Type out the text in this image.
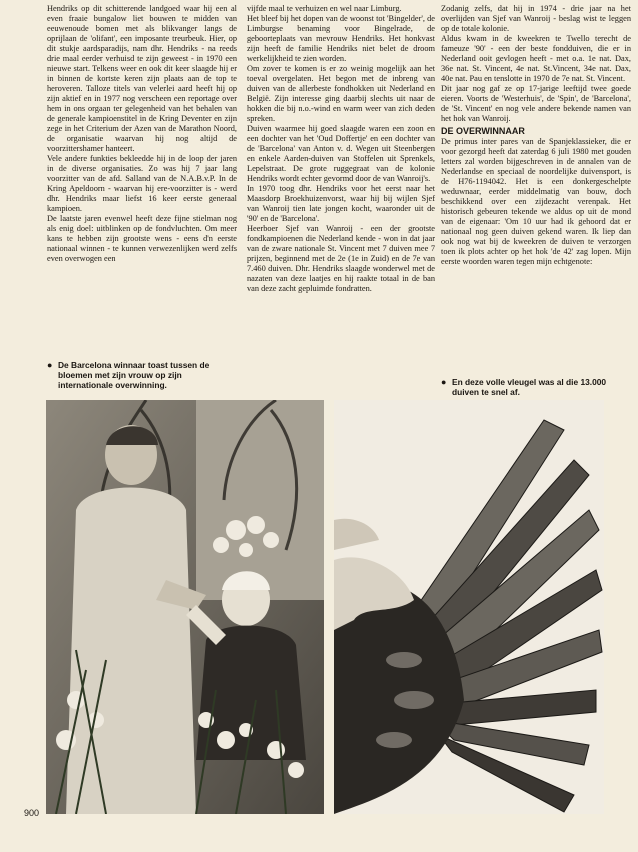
Hendriks op dit schitterende landgoed waar hij een al even fraaie bungalow liet bouwen te midden van eeuwenoude bomen met als blikvanger langs de oprijlaan de 'olifant', een imposante treurbeuk. Hier, op dit stukje aardsparadijs, nam dhr. Hendriks - na reeds drie maal eerder verhuisd te zijn geweest - in 1970 een nieuwe start. Telkens weer en ook dit keer slaagde hij er in binnen de kortste keren zijn plaats aan de top te heroveren. Talloze titels van velerlei aard heeft hij op zijn aktief en in 1977 nog verscheen een reportage over hem in ons orgaan ter gelegenheid van het behalen van de generale kampioenstitel in de Kring Deventer en zijn zege in het Criterium der Azen van de Marathon Noord, de organisatie waarvan hij nog altijd de voorzittershamer hanteert.

Vele andere funkties bekleedde hij in de loop der jaren in de diverse organisaties. Zo was hij 7 jaar lang voorzitter van de afd. Salland van de N.A.B.v.P. In de Kring Apeldoorn - waarvan hij ere-voorzitter is - werd dhr. Hendriks maar liefst 16 keer eerste generaal kampioen.

De laatste jaren evenwel heeft deze fijne stielman nog als enig doel: uitblinken op de fondvluchten. Om meer kans te hebben zijn grootste wens - eens d'n eerste nationaal winnen - te kunnen verwezenlijken werd zelfs even overwogen een

vijfde maal te verhuizen en wel naar Limburg.

Het bleef bij het dopen van de woonst tot 'Bingelder', de Limburgse benaming voor Bingelrade, de geboorteplaats van mevrouw Hendriks. Het honkvast zijn heeft de familie Hendriks niet belet de droom werkelijkheid te zien worden.

Om zover te komen is er zo weinig mogelijk aan het toeval overgelaten. Het begon met de inbreng van duiven van de allerbeste fondhokken uit Nederland en België. Zijn interesse ging daarbij slechts uit naar de hokken die bij n.o.-wind en warm weer van zich deden spreken.

Duiven waarmee hij goed slaagde waren een zoon en een dochter van het 'Oud Doffertje' en een dochter van de 'Barcelona' van Anton v. d. Wegen uit Steenbergen en enkele Aarden-duiven van Stoffelen uit Sprenkels, Lepelstraat. De grote ruggegraat van de kolonie Hendriks wordt echter gevormd door de van Wanroij's.

In 1970 toog dhr. Hendriks voor het eerst naar het Maasdorp Broekhuizenvorst, waar hij bij wijlen Sjef van Wanroij tien late jongen kocht, waaronder uit de '90' en de 'Barcelona'.

Heerboer Sjef van Wanroij - een der grootste fondkampioenen die Nederland kende - won in dat jaar van de zware nationale St. Vincent met 7 duiven mee 7 prijzen, beginnend met de 2e (1e in Zuid) en de 7e van 7.460 duiven. Dhr. Hendriks slaagde wonderwel met de nazaten van deze laatjes en hij raakte totaal in de ban van deze zacht gepluimde fondratten.

Zodanig zelfs, dat hij in 1974 - drie jaar na het overlijden van Sjef van Wanroij - beslag wist te leggen op de totale kolonie.

Aldus kwam in de kweekren te Twello terecht de fameuze '90' - een der beste fondduiven, die er in Nederland ooit gevlogen heeft - met o.a. 1e nat. Dax, 36e nat. St. Vincent, 4e nat. St.Vincent, 34e nat. Dax, 40e nat. Pau en tenslotte in 1970 de 7e nat. St. Vincent.

Dit jaar nog gaf ze op 17-jarige leeftijd twee goede eieren. Voorts de 'Westerhuis', de 'Spin', de 'Barcelona', de 'St. Vincent' en nog vele andere bekende namen van het hok van Wanroij.

DE OVERWINNAAR

De primus inter pares van de Spanjeklassieker, die er voor gezorgd heeft dat zaterdag 6 juli 1980 met gouden letters zal worden bijgeschreven in de annalen van de Nederlandse en speciaal de noordelijke duivensport, is de H76-1194042. Het is een donkergeschelpte weduwnaar, eerder middelmatig van bouw, doch beschikkend over een zijdezacht verenpak. Het historisch gebeuren tekende we aldus op uit de mond van de eigenaar: 'Om 10 uur had ik gehoord dat er nationaal nog geen duiven gekend waren. Ik liep dan ook nog wat bij de kweekren de duiven te verzorgen toen ik plots achter op het hok 'de 42' zag lopen. Mijn eerste woorden waren tegen mijn echtgenote:

● De Barcelona winnaar toast tussen de bloemen met zijn vrouw op zijn internationale overwinning.	● En deze volle vleugel was al die 13.000 duiven te snel af.
900
